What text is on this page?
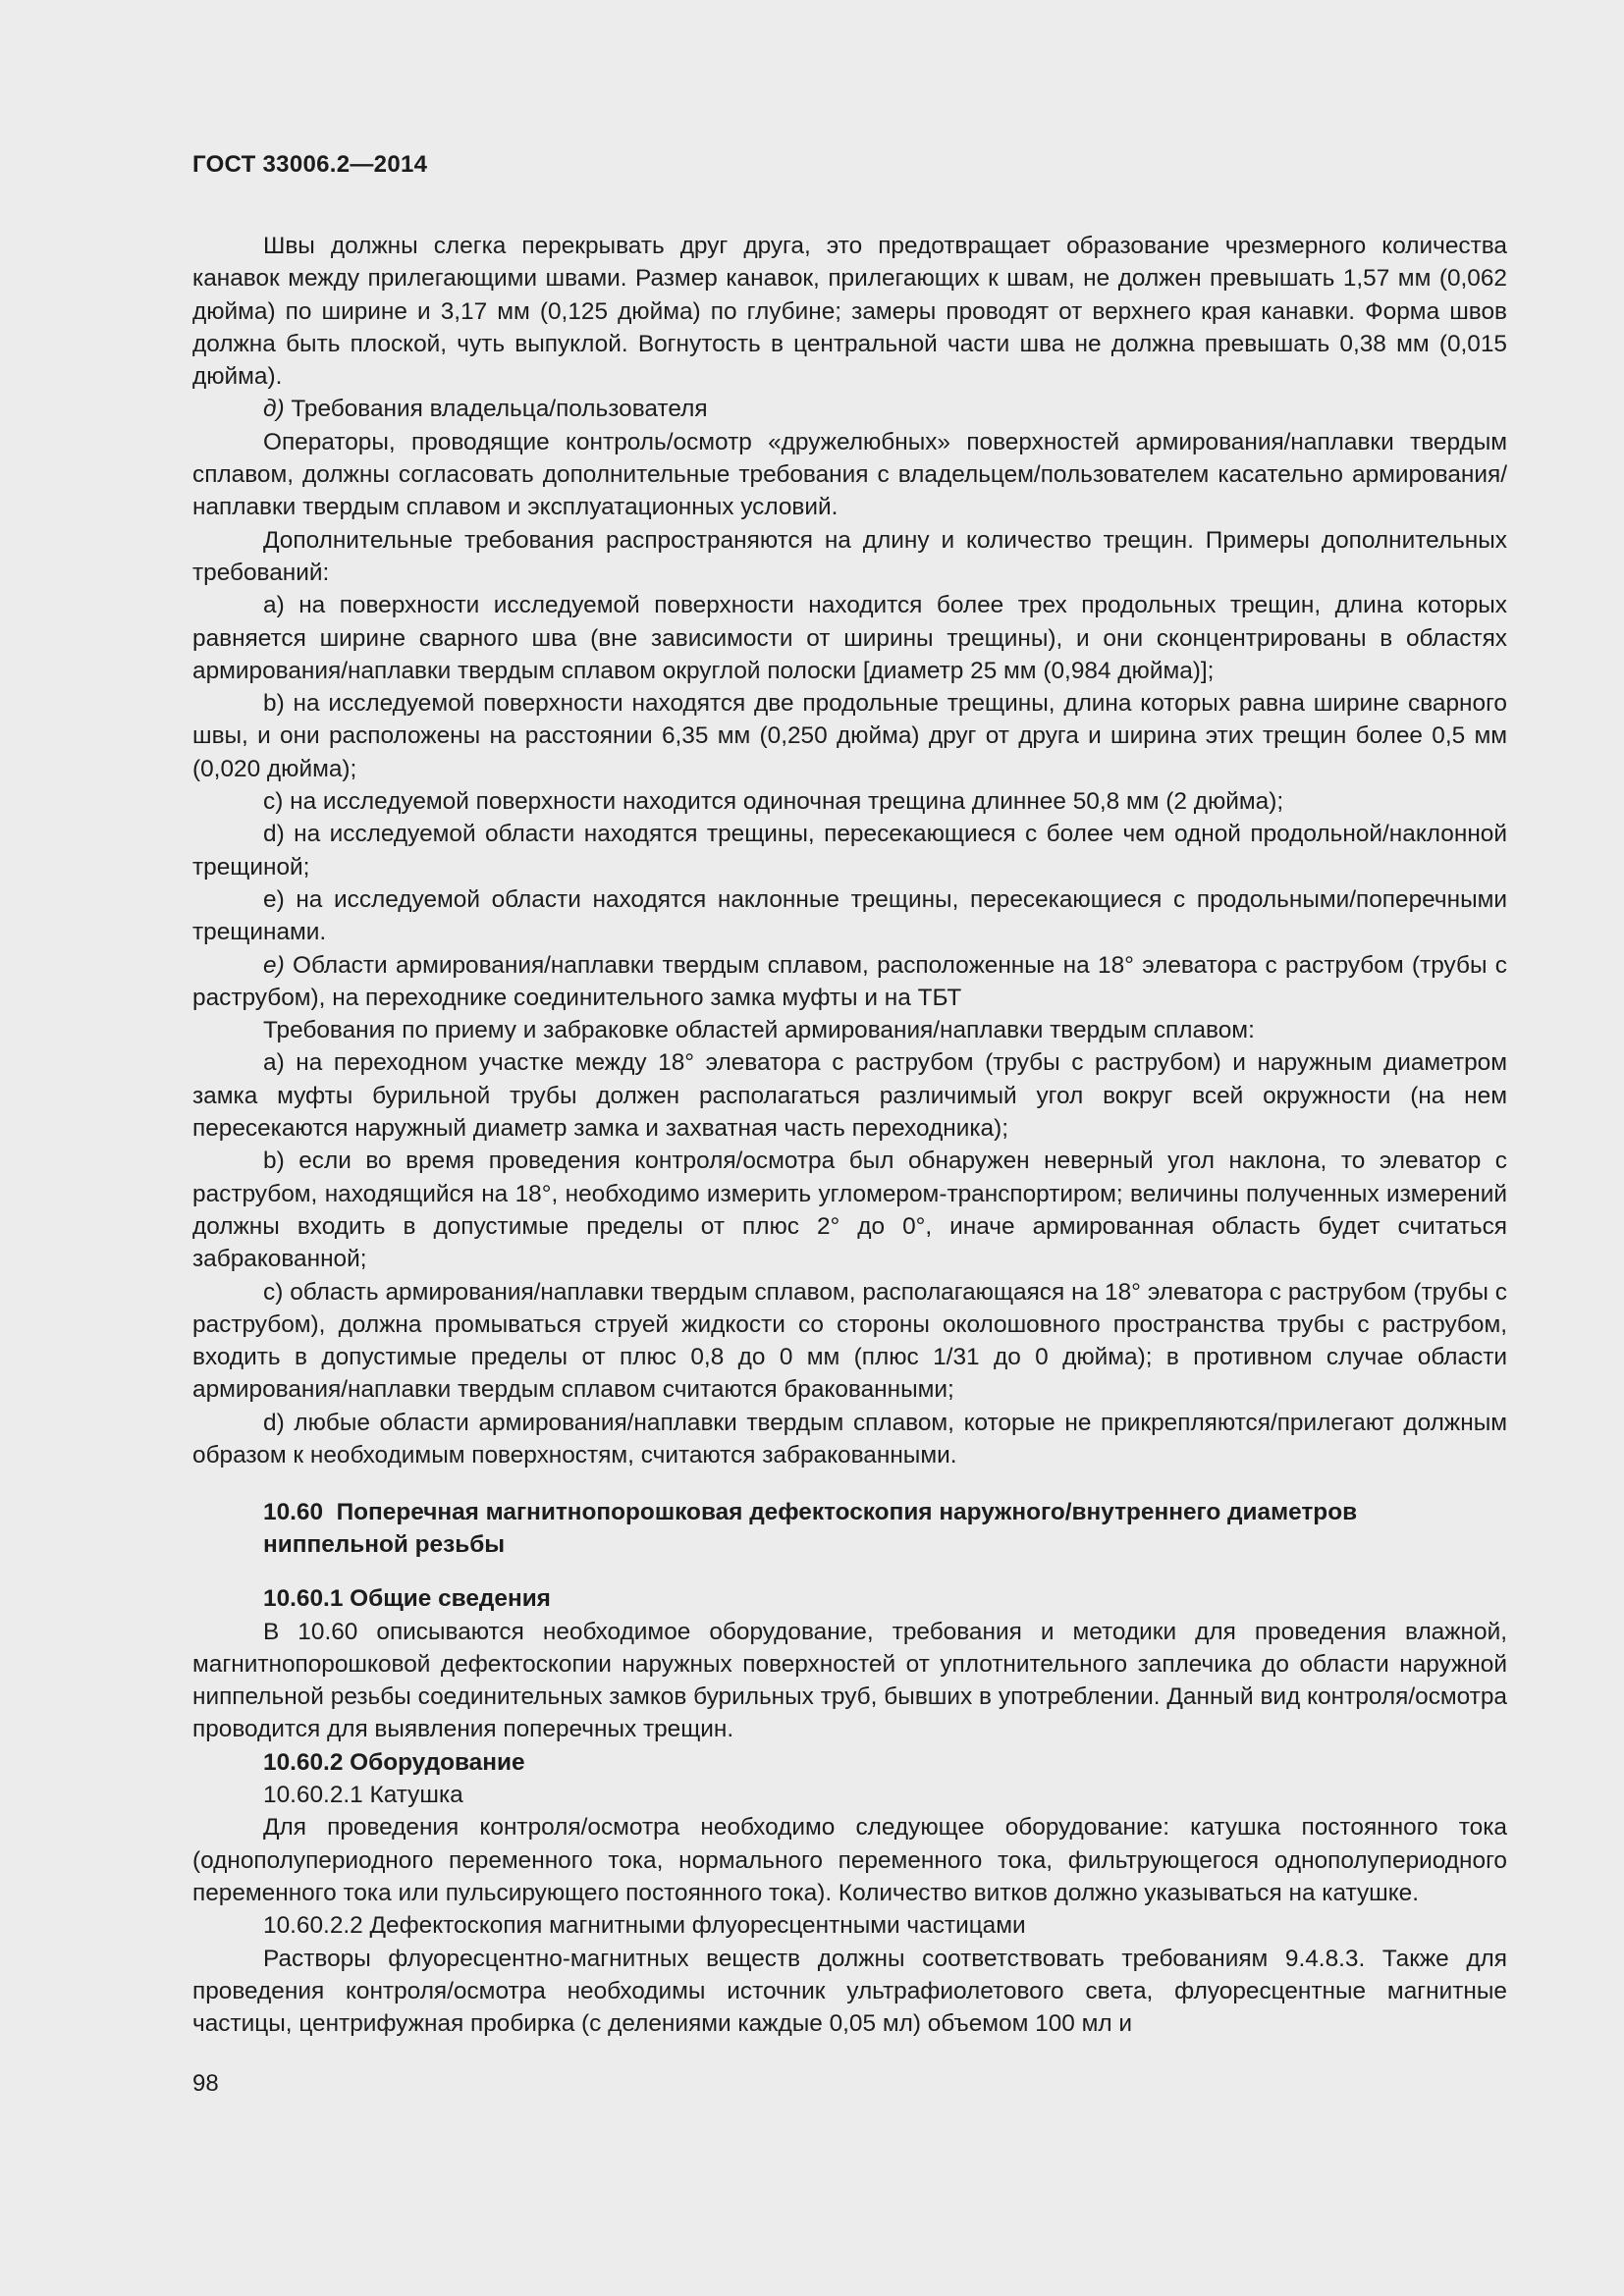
ГОСТ 33006.2—2014

Швы должны слегка перекрывать друг друга, это предотвращает образование чрезмерного количества канавок между прилегающими швами. Размер канавок, прилегающих к швам, не должен превышать 1,57 мм (0,062 дюйма) по ширине и 3,17 мм (0,125 дюйма) по глубине; замеры проводят от верхнего края канавки. Форма швов должна быть плоской, чуть выпуклой. Вогнутость в центральной части шва не должна превышать 0,38 мм (0,015 дюйма).

д) Требования владельца/пользователя

Операторы, проводящие контроль/осмотр «дружелюбных» поверхностей армирования/наплавки твердым сплавом, должны согласовать дополнительные требования с владельцем/пользователем касательно армирования/наплавки твердым сплавом и эксплуатационных условий.

Дополнительные требования распространяются на длину и количество трещин. Примеры дополнительных требований:

а) на поверхности исследуемой поверхности находится более трех продольных трещин, длина которых равняется ширине сварного шва (вне зависимости от ширины трещины), и они сконцентрированы в областях армирования/наплавки твердым сплавом округлой полоски [диаметр 25 мм (0,984 дюйма)];

b) на исследуемой поверхности находятся две продольные трещины, длина которых равна ширине сварного швы, и они расположены на расстоянии 6,35 мм (0,250 дюйма) друг от друга и ширина этих трещин более 0,5 мм (0,020 дюйма);

c) на исследуемой поверхности находится одиночная трещина длиннее 50,8 мм (2 дюйма);

d) на исследуемой области находятся трещины, пересекающиеся с более чем одной продольной/наклонной трещиной;

e) на исследуемой области находятся наклонные трещины, пересекающиеся с продольными/поперечными трещинами.

е) Области армирования/наплавки твердым сплавом, расположенные на 18° элеватора с раструбом (трубы с раструбом), на переходнике соединительного замка муфты и на ТБТ

Требования по приему и забраковке областей армирования/наплавки твердым сплавом:

a) на переходном участке между 18° элеватора с раструбом (трубы с раструбом) и наружным диаметром замка муфты бурильной трубы должен располагаться различимый угол вокруг всей окружности (на нем пересекаются наружный диаметр замка и захватная часть переходника);

b) если во время проведения контроля/осмотра был обнаружен неверный угол наклона, то элеватор с раструбом, находящийся на 18°, необходимо измерить угломером-транспортиром; величины полученных измерений должны входить в допустимые пределы от плюс 2° до 0°, иначе армированная область будет считаться забракованной;

c) область армирования/наплавки твердым сплавом, располагающаяся на 18° элеватора с раструбом (трубы с раструбом), должна промываться струей жидкости со стороны околошовного пространства трубы с раструбом, входить в допустимые пределы от плюс 0,8 до 0 мм (плюс 1/31 до 0 дюйма); в противном случае области армирования/наплавки твердым сплавом считаются бракованными;

d) любые области армирования/наплавки твердым сплавом, которые не прикрепляются/прилегают должным образом к необходимым поверхностям, считаются забракованными.

10.60 Поперечная магнитнопорошковая дефектоскопия наружного/внутреннего диаметров ниппельной резьбы

10.60.1 Общие сведения

В 10.60 описываются необходимое оборудование, требования и методики для проведения влажной, магнитнопорошковой дефектоскопии наружных поверхностей от уплотнительного заплечика до области наружной ниппельной резьбы соединительных замков бурильных труб, бывших в употреблении. Данный вид контроля/осмотра проводится для выявления поперечных трещин.

10.60.2 Оборудование

10.60.2.1 Катушка

Для проведения контроля/осмотра необходимо следующее оборудование: катушка постоянного тока (однополупериодного переменного тока, нормального переменного тока, фильтрующегося однополупериодного переменного тока или пульсирующего постоянного тока). Количество витков должно указываться на катушке.

10.60.2.2 Дефектоскопия магнитными флуоресцентными частицами

Растворы флуоресцентно-магнитных веществ должны соответствовать требованиям 9.4.8.3. Также для проведения контроля/осмотра необходимы источник ультрафиолетового света, флуоресцентные магнитные частицы, центрифужная пробирка (с делениями каждые 0,05 мл) объемом 100 мл и

98
